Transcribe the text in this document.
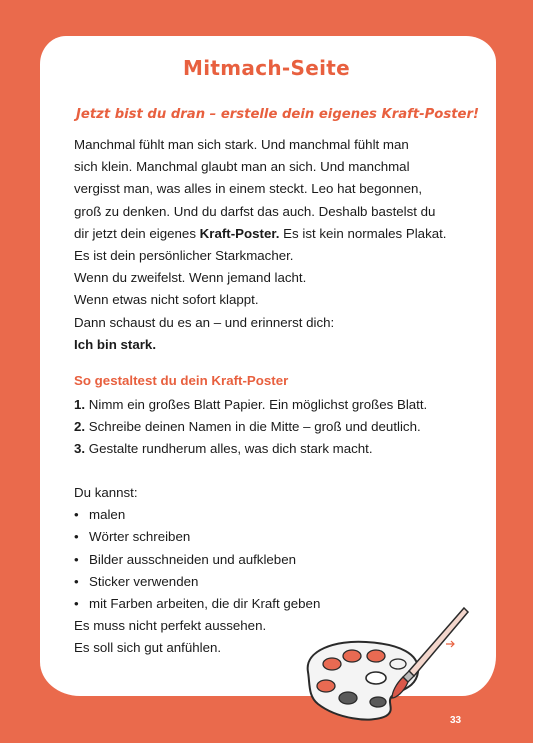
Mitmach-Seite
Jetzt bist du dran – erstelle dein eigenes Kraft-Poster!

Manchmal fühlt man sich stark. Und manchmal fühlt man

sich klein. Manchmal glaubt man an sich. Und manchmal

vergisst man, was alles in einem steckt. Leo hat begonnen,

groß zu denken. Und du darfst das auch. Deshalb bastelst du

dir jetzt dein eigenes Kraft-Poster. Es ist kein normales Plakat.

Es ist dein persönlicher Starkmacher.

Wenn du zweifelst. Wenn jemand lacht.

Wenn etwas nicht sofort klappt.

Dann schaust du es an – und erinnerst dich:

Ich bin stark.

So gestaltest du dein Kraft-Poster

1. Nimm ein großes Blatt Papier. Ein möglichst großes Blatt.

2. Schreibe deinen Namen in die Mitte – groß und deutlich.

3. Gestalte rundherum alles, was dich stark macht.

Du kannst:

• malen

• Wörter schreiben

• Bilder ausschneiden und aufkleben

• Sticker verwenden

• mit Farben arbeiten, die dir Kraft geben

Es muss nicht perfekt aussehen.

Es soll sich gut anfühlen.

33
